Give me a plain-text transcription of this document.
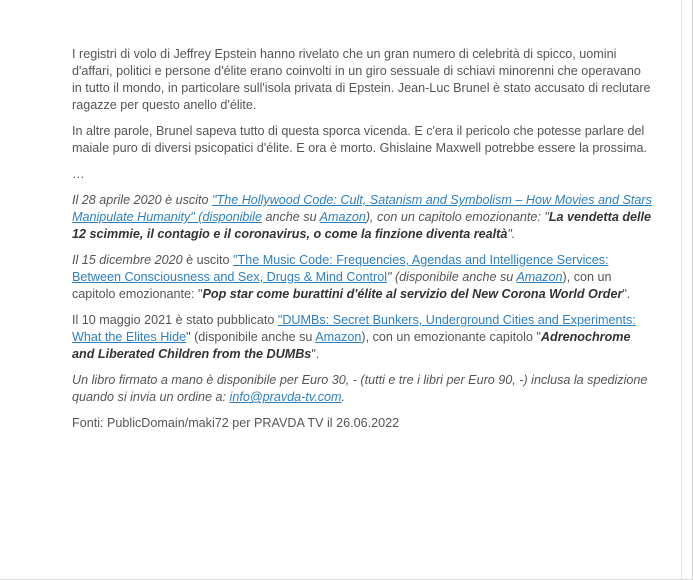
I registri di volo di Jeffrey Epstein hanno rivelato che un gran numero di celebrità di spicco, uomini d'affari, politici e persone d'élite erano coinvolti in un giro sessuale di schiavi minorenni che operavano in tutto il mondo, in particolare sull'isola privata di Epstein. Jean-Luc Brunel è stato accusato di reclutare ragazze per questo anello d'élite.

In altre parole, Brunel sapeva tutto di questa sporca vicenda. E c'era il pericolo che potesse parlare del maiale puro di diversi psicopatici d'élite. E ora è morto. Ghislaine Maxwell potrebbe essere la prossima.

…

Il 28 aprile 2020 è uscito "The Hollywood Code: Cult, Satanism and Symbolism – How Movies and Stars Manipulate Humanity" (disponibile anche su Amazon), con un capitolo emozionante: "La vendetta delle 12 scimmie, il contagio e il coronavirus, o come la finzione diventa realtà".

Il 15 dicembre 2020 è uscito "The Music Code: Frequencies, Agendas and Intelligence Services: Between Consciousness and Sex, Drugs & Mind Control" (disponibile anche su Amazon), con un capitolo emozionante: "Pop star come burattini d'élite al servizio del New Corona World Order".

Il 10 maggio 2021 è stato pubblicato "DUMBs: Secret Bunkers, Underground Cities and Experiments: What the Elites Hide" (disponibile anche su Amazon), con un emozionante capitolo "Adrenochrome and Liberated Children from the DUMBs".

Un libro firmato a mano è disponibile per Euro 30, - (tutti e tre i libri per Euro 90, -) inclusa la spedizione quando si invia un ordine a: info@pravda-tv.com.

Fonti: PublicDomain/maki72 per PRAVDA TV il 26.06.2022
